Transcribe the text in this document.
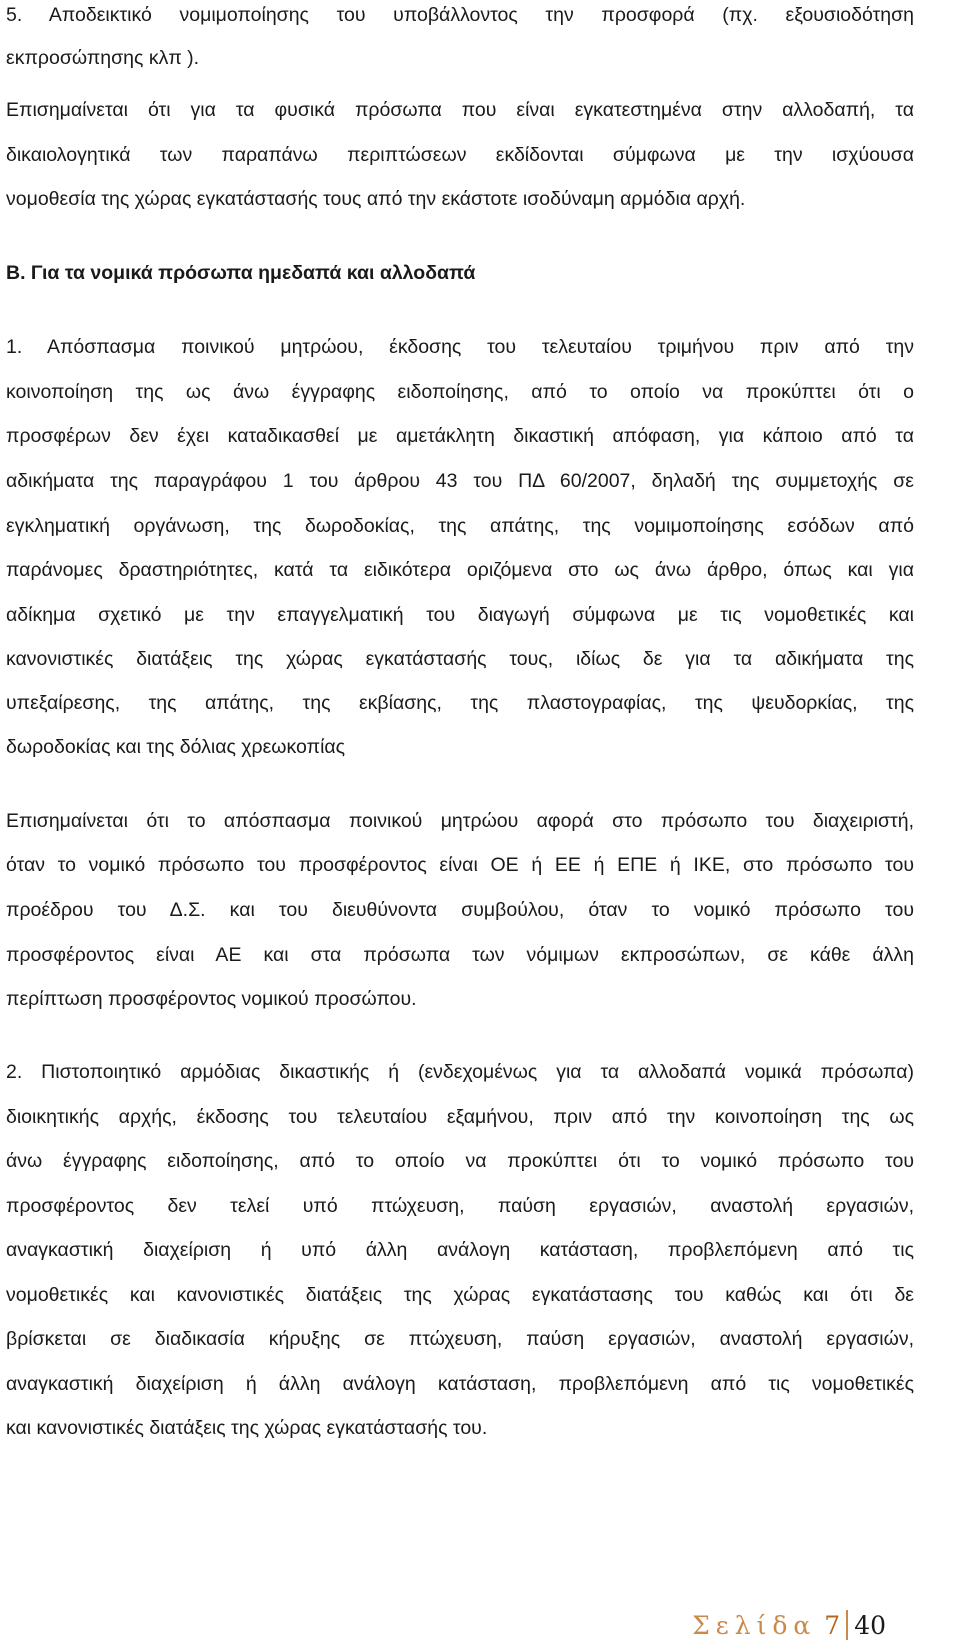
5. Αποδεικτικό νομιμοποίησης του υποβάλλοντος την προσφορά (πχ. εξουσιοδότηση
εκπροσώπησης κλπ ).
Επισημαίνεται ότι για τα φυσικά πρόσωπα που είναι εγκατεστημένα στην αλλοδαπή, τα
δικαιολογητικά των παραπάνω περιπτώσεων εκδίδονται σύμφωνα με την ισχύουσα
νομοθεσία της χώρας εγκατάστασής τους από την εκάστοτε ισοδύναμη αρμόδια αρχή.
Β. Για τα νομικά πρόσωπα ημεδαπά και αλλοδαπά
1. Απόσπασμα ποινικού μητρώου, έκδοσης του τελευταίου τριμήνου πριν από την
κοινοποίηση της ως άνω έγγραφης ειδοποίησης, από το οποίο να προκύπτει ότι ο
προσφέρων δεν έχει καταδικασθεί με αμετάκλητη δικαστική απόφαση, για κάποιο από τα
αδικήματα της παραγράφου 1 του άρθρου 43 του ΠΔ 60/2007, δηλαδή της συμμετοχής σε
εγκληματική οργάνωση, της δωροδοκίας, της απάτης, της νομιμοποίησης εσόδων από
παράνομες δραστηριότητες, κατά τα ειδικότερα οριζόμενα στο ως άνω άρθρο, όπως και για
αδίκημα σχετικό με την επαγγελματική του διαγωγή σύμφωνα με τις νομοθετικές και
κανονιστικές διατάξεις της χώρας εγκατάστασής τους, ιδίως δε για τα αδικήματα της
υπεξαίρεσης, της απάτης, της εκβίασης, της πλαστογραφίας, της ψευδορκίας, της
δωροδοκίας και της δόλιας χρεωκοπίας
Επισημαίνεται ότι το απόσπασμα ποινικού μητρώου αφορά στο πρόσωπο του διαχειριστή,
όταν το νομικό πρόσωπο του προσφέροντος είναι ΟΕ ή ΕΕ ή ΕΠΕ ή ΙΚΕ, στο πρόσωπο του
προέδρου του Δ.Σ. και του διευθύνοντα συμβούλου, όταν το νομικό πρόσωπο του
προσφέροντος είναι ΑΕ και στα πρόσωπα των νόμιμων εκπροσώπων, σε κάθε άλλη
περίπτωση προσφέροντος νομικού προσώπου.
2. Πιστοποιητικό αρμόδιας δικαστικής ή (ενδεχομένως για τα αλλοδαπά νομικά πρόσωπα)
διοικητικής αρχής, έκδοσης του τελευταίου εξαμήνου, πριν από την κοινοποίηση της ως
άνω έγγραφης ειδοποίησης, από το οποίο να προκύπτει ότι το νομικό πρόσωπο του
προσφέροντος δεν τελεί υπό πτώχευση, παύση εργασιών, αναστολή εργασιών,
αναγκαστική διαχείριση ή υπό άλλη ανάλογη κατάσταση, προβλεπόμενη από τις
νομοθετικές και κανονιστικές διατάξεις της χώρας εγκατάστασης του καθώς και ότι δε
βρίσκεται σε διαδικασία κήρυξης σε πτώχευση, παύση εργασιών, αναστολή εργασιών,
αναγκαστική διαχείριση ή άλλη ανάλογη κατάσταση, προβλεπόμενη από τις νομοθετικές
και κανονιστικές διατάξεις της χώρας εγκατάστασής του.
Σελίδα 7 40
